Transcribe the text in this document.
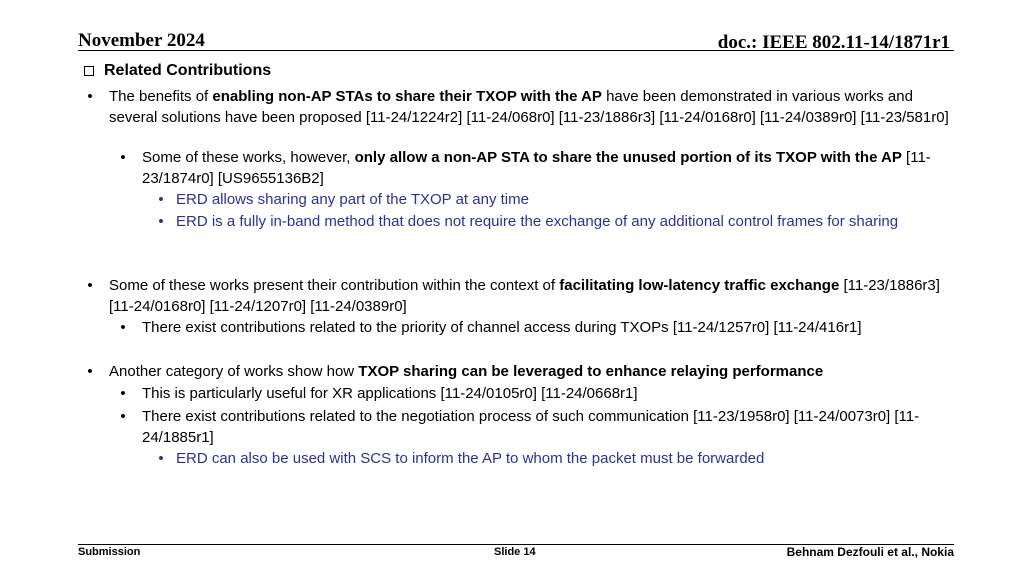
November 2024	doc.: IEEE 802.11-14/1871r1
Related Contributions
• The benefits of enabling non-AP STAs to share their TXOP with the AP have been demonstrated in various works and several solutions have been proposed [11-24/1224r2] [11-24/068r0] [11-23/1886r3] [11-24/0168r0] [11-24/0389r0] [11-23/581r0]
• Some of these works, however, only allow a non-AP STA to share the unused portion of its TXOP with the AP [11-23/1874r0] [US9655136B2]
• ERD allows sharing any part of the TXOP at any time
• ERD is a fully in-band method that does not require the exchange of any additional control frames for sharing
• Some of these works present their contribution within the context of facilitating low-latency traffic exchange [11-23/1886r3] [11-24/0168r0] [11-24/1207r0] [11-24/0389r0]
• There exist contributions related to the priority of channel access during TXOPs [11-24/1257r0] [11-24/416r1]
• Another category of works show how TXOP sharing can be leveraged to enhance relaying performance
• This is particularly useful for XR applications [11-24/0105r0] [11-24/0668r1]
• There exist contributions related to the negotiation process of such communication [11-23/1958r0] [11-24/0073r0] [11-24/1885r1]
• ERD can also be used with SCS to inform the AP to whom the packet must be forwarded
Submission	Slide 14	Behnam Dezfouli et al., Nokia
